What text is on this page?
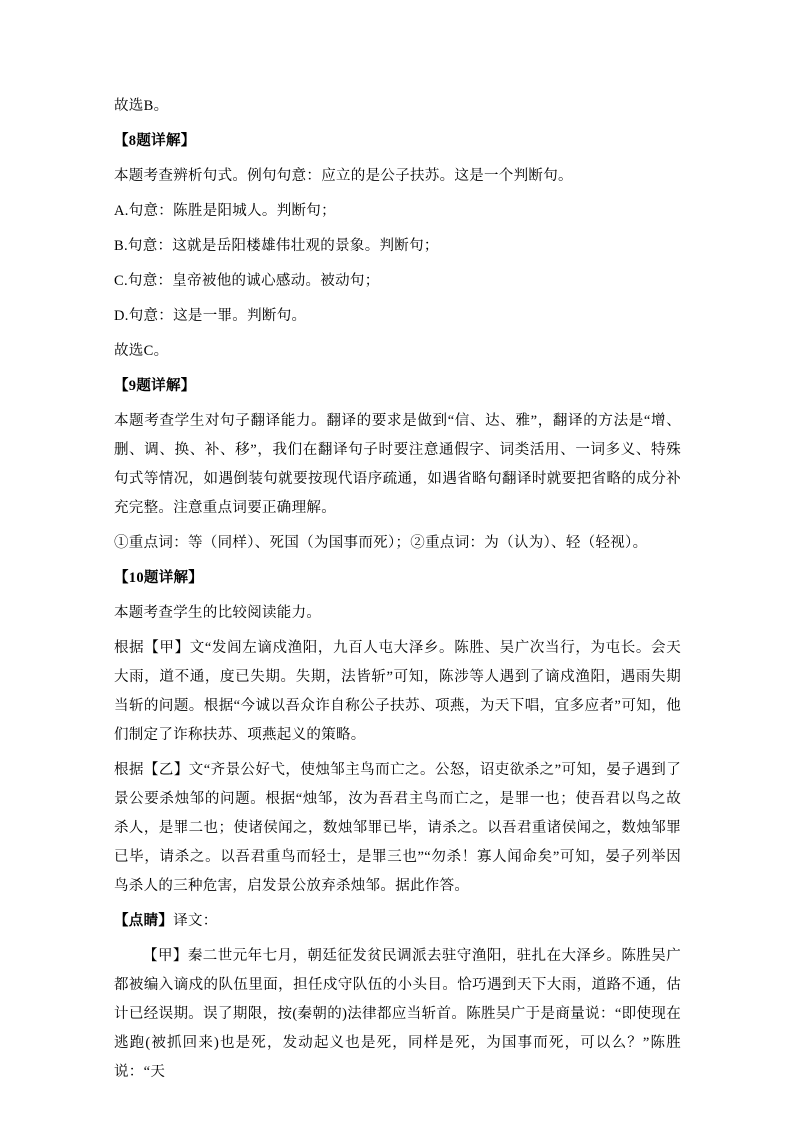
故选B。

【8题详解】

本题考查辨析句式。例句句意：应立的是公子扶苏。这是一个判断句。

A.句意：陈胜是阳城人。判断句；

B.句意：这就是岳阳楼雄伟壮观的景象。判断句；

C.句意：皇帝被他的诚心感动。被动句；

D.句意：这是一罪。判断句。

故选C。

【9题详解】

本题考查学生对句子翻译能力。翻译的要求是做到“信、达、雅”，翻译的方法是“增、删、调、换、补、移”，我们在翻译句子时要注意通假字、词类活用、一词多义、特殊句式等情况，如遇倒装句就要按现代语序疏通，如遇省略句翻译时就要把省略的成分补充完整。注意重点词要正确理解。

①重点词：等（同样）、死国（为国事而死）；②重点词：为（认为）、轻（轻视）。

【10题详解】

本题考查学生的比较阅读能力。

根据【甲】文“发闾左谪戍渔阳，九百人屯大泽乡。陈胜、吴广次当行，为屯长。会天大雨，道不通，度已失期。失期，法皆斩”可知，陈涉等人遇到了谪戍渔阳，遇雨失期当斩的问题。根据“今诚以吾众诈自称公子扶苏、项燕，为天下唱，宜多应者”可知，他们制定了诈称扶苏、项燕起义的策略。

根据【乙】文“齐景公好弋，使烛邹主鸟而亡之。公怒，诏吏欲杀之”可知，晏子遇到了景公要杀烛邹的问题。根据“烛邹，汝为吾君主鸟而亡之，是罪一也；使吾君以鸟之故杀人，是罪二也；使诸侯闻之，数烛邹罪已毕，请杀之。以吾君重诸侯闻之，数烛邹罪已毕，请杀之。以吾君重鸟而轻士，是罪三也”“勿杀！寡人闻命矣”可知，晏子列举因鸟杀人的三种危害，启发景公放弃杀烛邹。据此作答。

【点睛】译文：

【甲】秦二世元年七月，朝廷征发贫民调派去驻守渔阳，驻扎在大泽乡。陈胜吴广都被编入谪戍的队伍里面，担任戍守队伍的小头目。恰巧遇到天下大雨，道路不通，估计已经误期。误了期限，按(秦朝的)法律都应当斩首。陈胜吴广于是商量说：“即使现在逃跑(被抓回来)也是死，发动起义也是死，同样是死，为国事而死，可以么？”陈胜说：“天
